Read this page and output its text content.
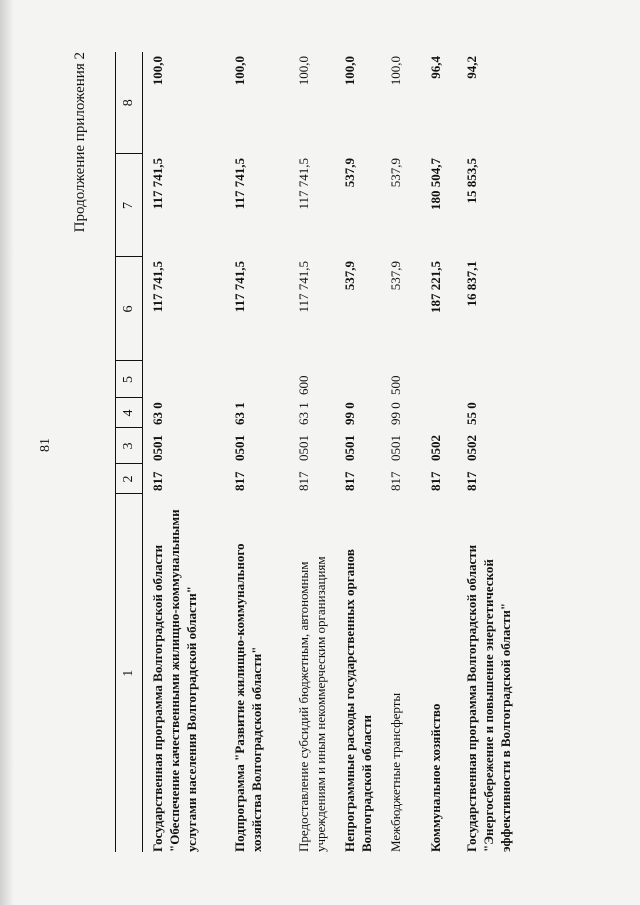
81
Продолжение приложения 2
1	2	3	4	5	6	7	8
Государственная программа Волгоградской области "Обеспечение качественными жилищно-коммунальными услугами населения Волгоградской области"	817	0501	63 0		117 741,5	117 741,5	100,0
Подпрограмма "Развитие жилищно-коммунального хозяйства Волгоградской области"	817	0501	63 1		117 741,5	117 741,5	100,0
Предоставление субсидий бюджетным, автономным учреждениям и иным некоммерческим организациям	817	0501	63 1	600	117 741,5	117 741,5	100,0
Непрограммные расходы государственных органов Волгоградской области	817	0501	99 0		537,9	537,9	100,0
Межбюджетные трансферты	817	0501	99 0	500	537,9	537,9	100,0
Коммунальное хозяйство	817	0502			187 221,5	180 504,7	96,4
Государственная программа Волгоградской области "Энергосбережение и повышение энергетической эффективности в Волгоградской области"	817	0502	55 0		16 837,1	15 853,5	94,2
